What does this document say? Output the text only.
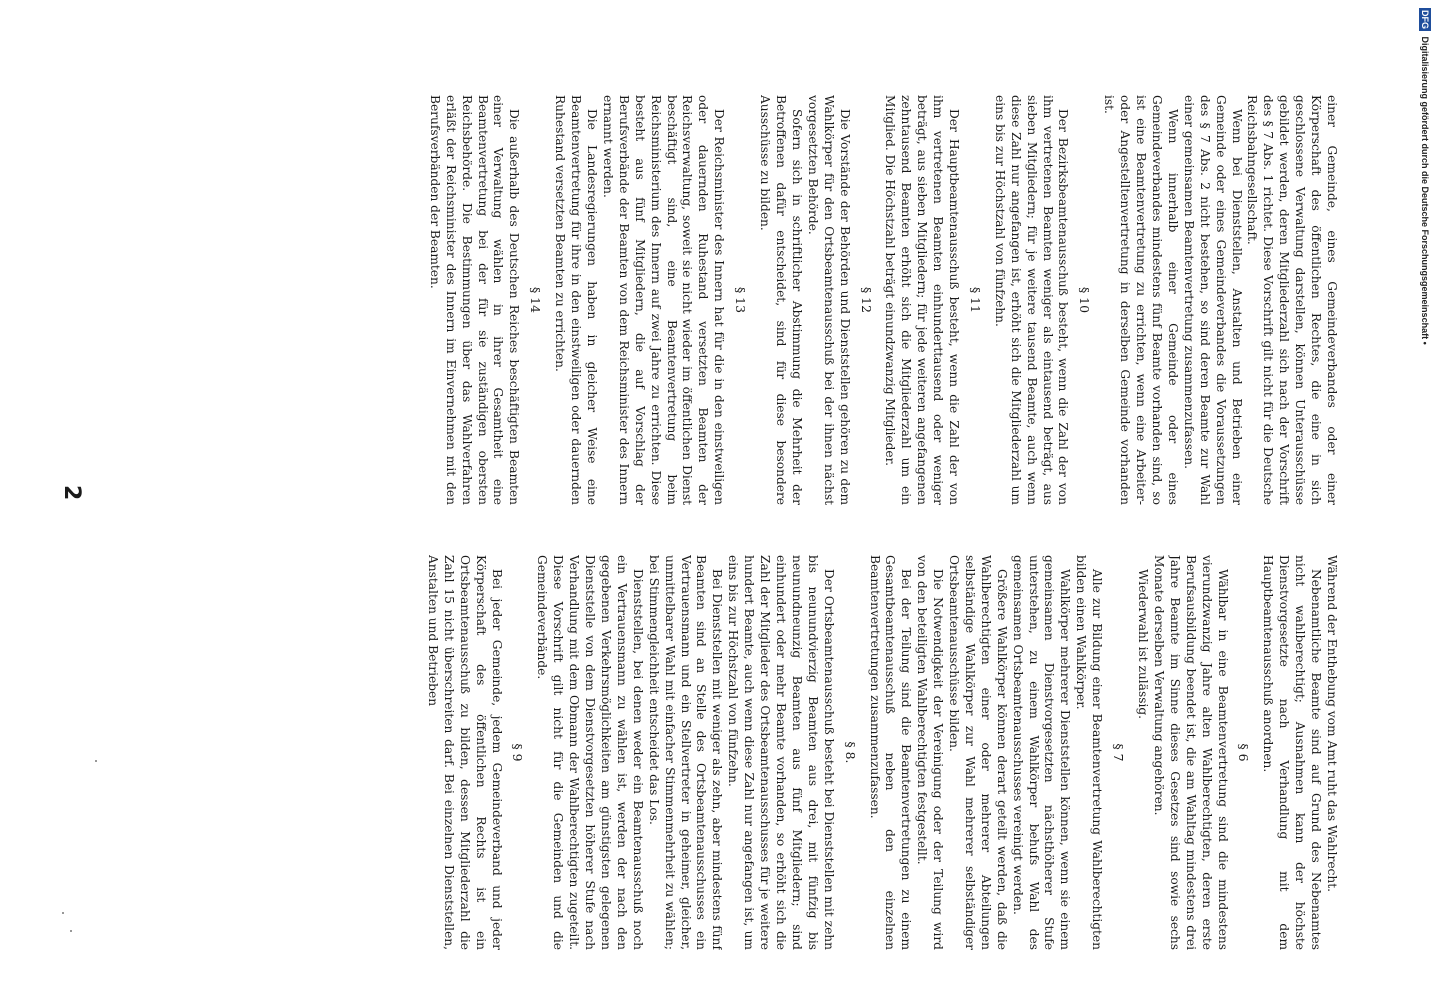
2

Während der Enthebung vom Amt ruht das Wahlrecht.

Nebenamtliche Beamte sind auf Grund des Nebenamtes nicht wahlberechtigt; Ausnahmen kann der höchste Dienstvorgesetzte nach Verhandlung mit dem Hauptbeamtenausschuß anordnen.

§ 6

Wählbar in eine Beamtenvertretung sind die mindestens vierundzwanzig Jahre alten Wahlberechtigten, deren erste Berufsausbildung beendet ist, die am Wahltag mindestens drei Jahre Beamte im Sinne dieses Gesetzes sind sowie sechs Monate derselben Verwaltung angehören.

Wiederwahl ist zulässig.

§ 7

Alle zur Bildung einer Beamtenvertretung Wahlberechtigten bilden einen Wahlkörper.

Wahlkörper mehrerer Dienststellen können, wenn sie einem gemeinsamen Dienstvorgesetzten nächsthöherer Stufe unterstehen, zu einem Wahlkörper behufs Wahl des gemeinsamen Ortsbeamtenausschusses vereinigt werden.

Größere Wahlkörper können derart geteilt werden, daß die Wahlberechtigten einer oder mehrerer Abteilungen selbständige Wahlkörper zur Wahl mehrerer selbständiger Ortsbeamtenausschüsse bilden.

Die Notwendigkeit der Vereinigung oder der Teilung wird von den beteiligten Wahlberechtigten festgestellt.

Bei der Teilung sind die Beamtenvertretungen zu einem Gesamtbeamtenausschuß neben den einzelnen Beamtenvertretungen zusammenzufassen.

§ 8.

Der Ortsbeamtenausschuß besteht bei Dienststellen mit zehn bis neunundvierzig Beamten aus drei, mit fünfzig bis neunundneunzig Beamten aus fünf Mitgliedern; sind einhundert oder mehr Beamte vorhanden, so erhöht sich die Zahl der Mitglieder des Ortsbeamtenausschusses für je weitere hundert Beamte, auch wenn diese Zahl nur angefangen ist, um eins bis zur Höchstzahl von fünfzehn.

Bei Dienststellen mit weniger als zehn, aber mindestens fünf Beamten sind an Stelle des Ortsbeamtenausschusses ein Vertrauensmann und ein Stellvertreter in geheimer, gleicher, unmittelbarer Wahl mit einfacher Stimmenmehrheit zu wählen; bei Stimmengleichheit entscheidet das Los.

Dienststellen, bei denen weder ein Beamtenausschuß noch ein Vertrauensmann zu wählen ist, werden der nach den gegebenen Verkehrsmöglichkeiten am günstigsten gelegenen Dienststelle von dem Dienstvorgesetzten höherer Stufe nach Verhandlung mit dem Obmann der Wahlberechtigten zugeteilt. Diese Vorschrift gilt nicht für die Gemeinden und die Gemeindeverbände.

§ 9

Bei jeder Gemeinde, jedem Gemeindeverband und jeder Körperschaft des öffentlichen Rechts ist ein Ortsbeamtenausschuß zu bilden, dessen Mitgliederzahl die Zahl 15 nicht überschreiten darf. Bei einzelnen Dienststellen, Anstalten und Betrieben

einer Gemeinde, eines Gemeindeverbandes oder einer Körperschaft des öffentlichen Rechtes, die eine in sich geschlossene Verwaltung darstellen, können Unterausschüsse gebildet werden, deren Mitgliederzahl sich nach der Vorschrift des § 7 Abs. 1 richtet. Diese Vorschrift gilt nicht für die Deutsche Reichsbahngesellschaft.

Wenn bei Dienststellen, Anstalten und Betrieben einer Gemeinde oder eines Gemeindeverbandes die Voraussetzungen des § 7 Abs. 2 nicht bestehen, so sind deren Beamte zur Wahl einer gemeinsamen Beamtenvertretung zusammenzufassen.

Wenn innerhalb einer Gemeinde oder eines Gemeindeverbandes mindestens fünf Beamte vorhanden sind, so ist eine Beamtenvertretung zu errichten, wenn eine Arbeiter- oder Angestelltenvertretung in derselben Gemeinde vorhanden ist.

§ 10

Der Bezirksbeamtenausschuß besteht, wenn die Zahl der von ihm vertretenen Beamten weniger als eintausend beträgt, aus sieben Mitgliedern; für je weitere tausend Beamte, auch wenn diese Zahl nur angefangen ist, erhöht sich die Mitgliederzahl um eins bis zur Höchstzahl von fünfzehn.

§ 11

Der Hauptbeamtenausschuß besteht, wenn die Zahl der von ihm vertretenen Beamten einhunderttausend oder weniger beträgt, aus sieben Mitgliedern; für jede weiteren angefangenen zehntausend Beamten erhöht sich die Mitgliederzahl um ein Mitglied. Die Höchstzahl beträgt einundzwanzig Mitglieder.

§ 12

Die Vorstände der Behörden und Dienststellen gehören zu dem Wahlkörper für den Ortsbeamtenausschuß bei der ihnen nächst vorgesetzten Behörde.

Sofern sich in schriftlicher Abstimmung die Mehrheit der Betroffenen dafür entscheidet, sind für diese besondere Ausschüsse zu bilden.

§ 13

Der Reichsminister des Innern hat für die in den einstweiligen oder dauernden Ruhestand versetzten Beamten der Reichsverwaltung, soweit sie nicht wieder im öffentlichen Dienst beschäftigt sind, eine Beamtenvertretung beim Reichsministerium des Innern auf zwei Jahre zu errichten. Diese besteht aus fünf Mitgliedern, die auf Vorschlag der Berufsverbände der Beamten von dem Reichsminister des Innern ernannt werden.

Die Landesregierungen haben in gleicher Weise eine Beamtenvertretung für ihre in den einstweiligen oder dauernden Ruhestand versetzten Beamten zu errichten.

§ 14

Die außerhalb des Deutschen Reiches beschäftigten Beamten einer Verwaltung wählen in ihrer Gesamtheit eine Beamtenvertretung bei der für sie zuständigen obersten Reichsbehörde. Die Bestimmungen über das Wahlverfahren erläßt der Reichsminister des Innern im Einvernehmen mit den Berufsverbänden der Beamten.

DFG Digitalisierung gefördert durch die Deutsche Forschungsgemeinschaft •
